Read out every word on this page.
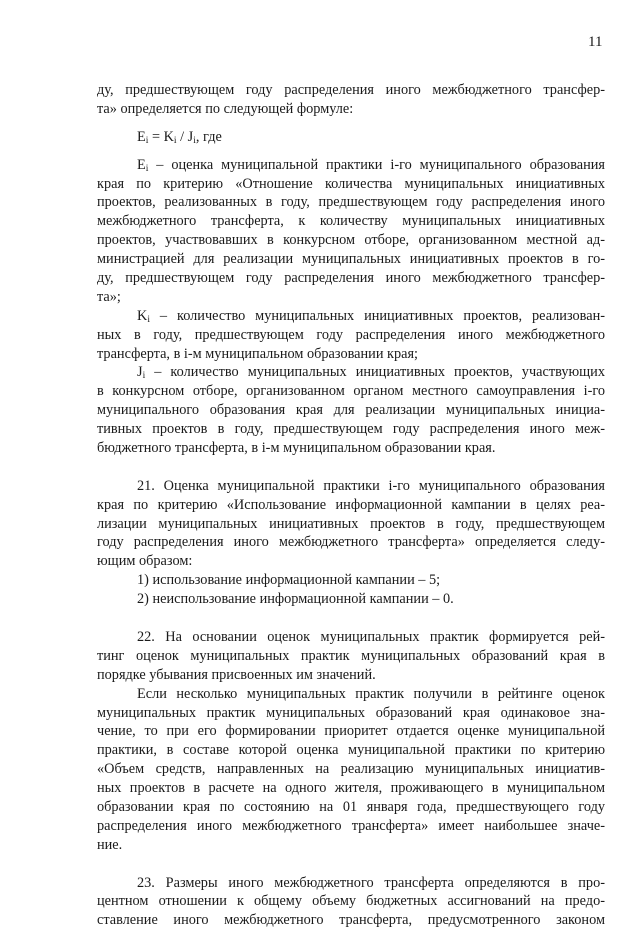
11
ду, предшествующем году распределения иного межбюджетного трансфер-
та» определяется по следующей формуле:
$E_i = K_i / J_i$, где
$E_i$ – оценка муниципальной практики i-го муниципального образования
края по критерию «Отношение количества муниципальных инициативных
проектов, реализованных в году, предшествующем году распределения иного
межбюджетного трансферта, к количеству муниципальных инициативных
проектов, участвовавших в конкурсном отборе, организованном местной ад-
министрацией для реализации муниципальных инициативных проектов в го-
ду, предшествующем году распределения иного межбюджетного трансфер-
та»;
$K_i$ – количество муниципальных инициативных проектов, реализован-
ных в году, предшествующем году распределения иного межбюджетного
трансферта, в i-м муниципальном образовании края;
$J_i$ – количество муниципальных инициативных проектов, участвующих
в конкурсном отборе, организованном органом местного самоуправления i-го
муниципального образования края для реализации муниципальных инициа-
тивных проектов в году, предшествующем году распределения иного меж-
бюджетного трансферта, в i-м муниципальном образовании края.
21. Оценка муниципальной практики i-го муниципального образования
края по критерию «Использование информационной кампании в целях реа-
лизации муниципальных инициативных проектов в году, предшествующем
году распределения иного межбюджетного трансферта» определяется следу-
ющим образом:
1) использование информационной кампании – 5;
2) неиспользование информационной кампании – 0.
22. На основании оценок муниципальных практик формируется рей-
тинг оценок муниципальных практик муниципальных образований края в
порядке убывания присвоенных им значений.
Если несколько муниципальных практик получили в рейтинге оценок
муниципальных практик муниципальных образований края одинаковое зна-
чение, то при его формировании приоритет отдается оценке муниципальной
практики, в составе которой оценка муниципальной практики по критерию
«Объем средств, направленных на реализацию муниципальных инициатив-
ных проектов в расчете на одного жителя, проживающего в муниципальном
образовании края по состоянию на 01 января года, предшествующего году
распределения иного межбюджетного трансферта» имеет наибольшее значе-
ние.
23. Размеры иного межбюджетного трансферта определяются в про-
центном отношении к общему объему бюджетных ассигнований на предо-
ставление иного межбюджетного трансферта, предусмотренного законом
